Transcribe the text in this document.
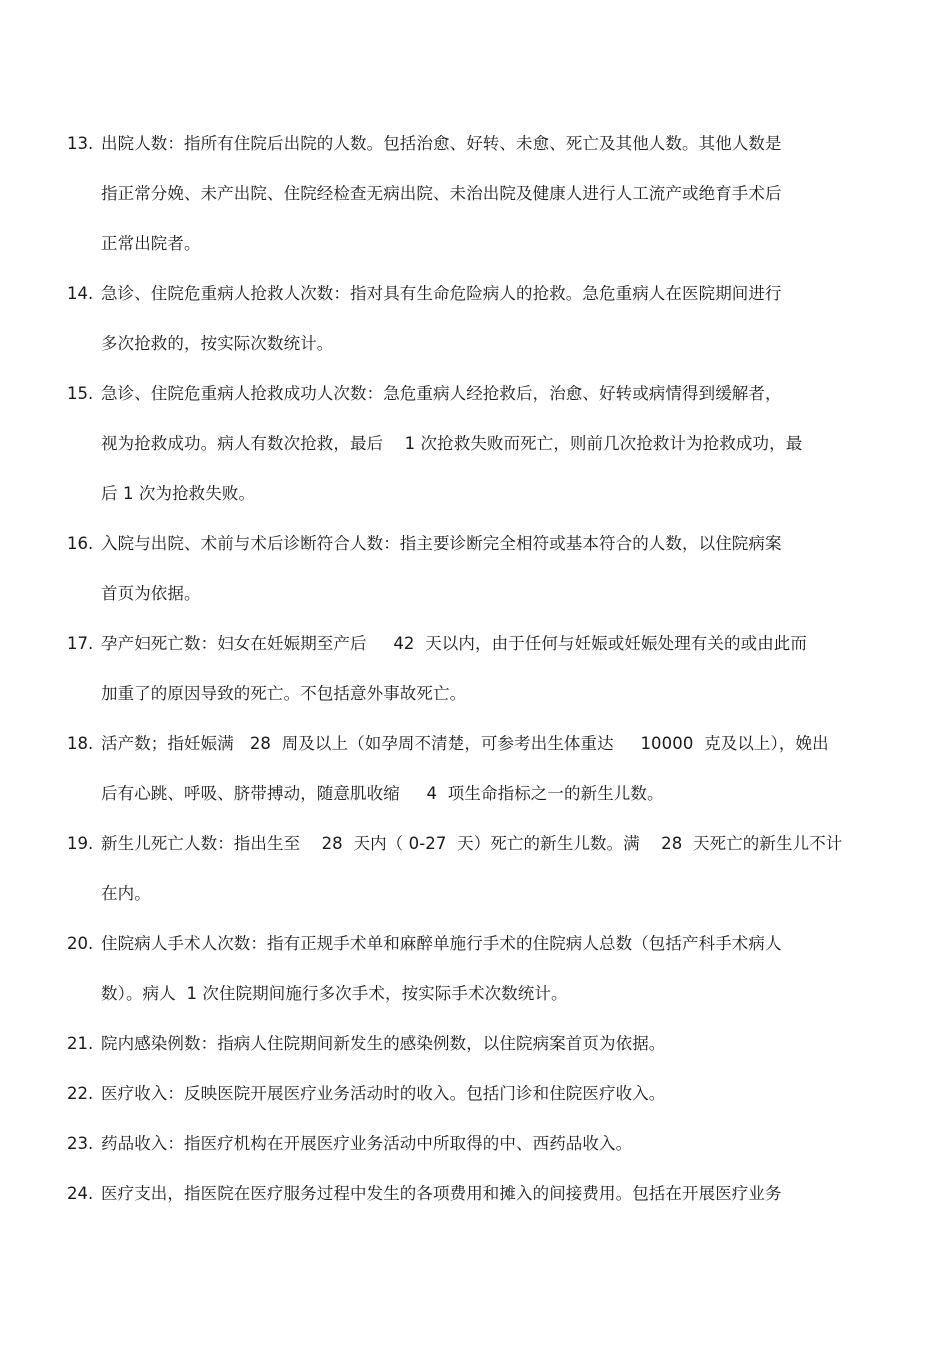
13. 出院人数：指所有住院后出院的人数。包括治愈、好转、未愈、死亡及其他人数。其他人数是
指正常分娩、未产出院、住院经检查无病出院、未治出院及健康人进行人工流产或绝育手术后
正常出院者。
14. 急诊、住院危重病人抢救人次数：指对具有生命危险病人的抢救。急危重病人在医院期间进行
多次抢救的，按实际次数统计。
15. 急诊、住院危重病人抢救成功人次数：急危重病人经抢救后，治愈、好转或病情得到缓解者，
视为抢救成功。病人有数次抢救，最后    1 次抢救失败而死亡，则前几次抢救计为抢救成功，最
后 1 次为抢救失败。
16. 入院与出院、术前与术后诊断符合人数：指主要诊断完全相符或基本符合的人数，以住院病案
首页为依据。
17. 孕产妇死亡数：妇女在妊娠期至产后     42  天以内，由于任何与妊娠或妊娠处理有关的或由此而
加重了的原因导致的死亡。不包括意外事故死亡。
18. 活产数；指妊娠满   28  周及以上（如孕周不清楚，可参考出生体重达     10000  克及以上），娩出
后有心跳、呼吸、脐带搏动，随意肌收缩     4  项生命指标之一的新生儿数。
19. 新生儿死亡人数：指出生至    28  天内（ 0-27  天）死亡的新生儿数。满    28  天死亡的新生儿不计
在内。
20. 住院病人手术人次数：指有正规手术单和麻醉单施行手术的住院病人总数（包括产科手术病人
数）。病人  1 次住院期间施行多次手术，按实际手术次数统计。
21. 院内感染例数：指病人住院期间新发生的感染例数，以住院病案首页为依据。
22. 医疗收入：反映医院开展医疗业务活动时的收入。包括门诊和住院医疗收入。
23. 药品收入：指医疗机构在开展医疗业务活动中所取得的中、西药品收入。
24. 医疗支出，指医院在医疗服务过程中发生的各项费用和摊入的间接费用。包括在开展医疗业务
